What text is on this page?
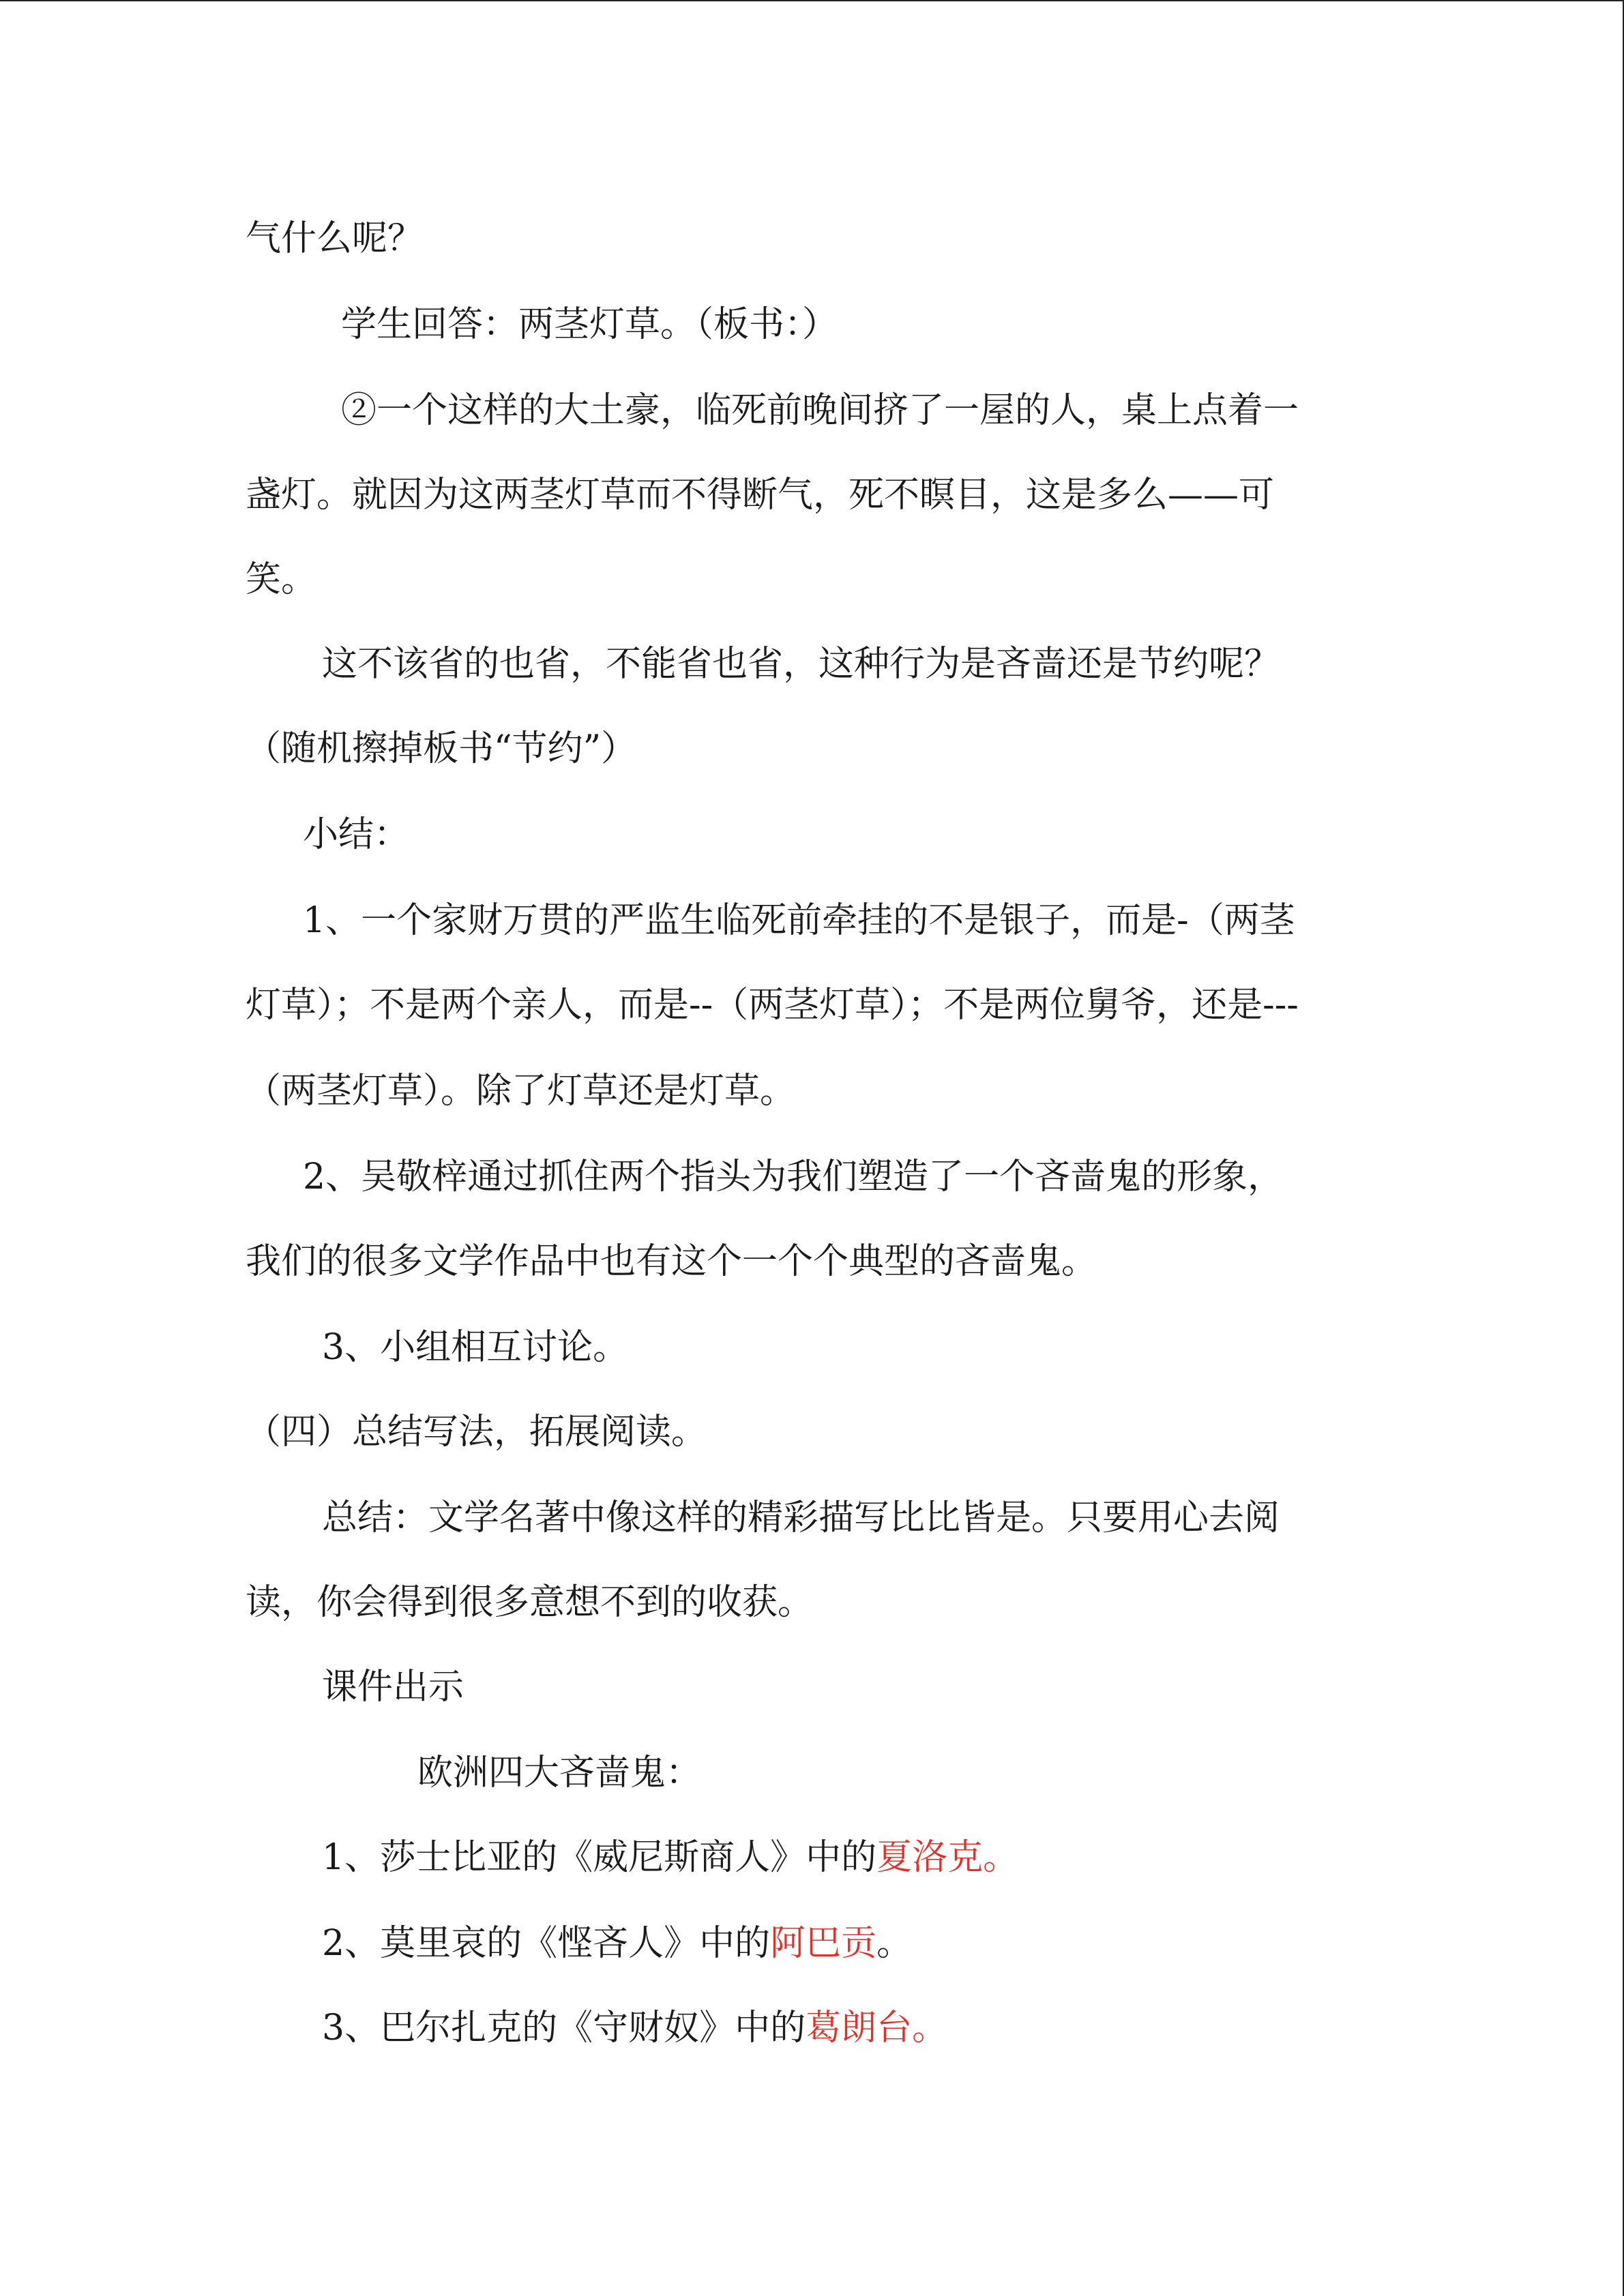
气什么呢？
学生回答：两茎灯草。（板书：）
②一个这样的大土豪，临死前晚间挤了一屋的人，桌上点着一
盏灯。就因为这两茎灯草而不得断气，死不瞑目，这是多么——可
笑。
这不该省的也省，不能省也省，这种行为是吝啬还是节约呢？
（随机擦掉板书“节约”）
小结：
1、一个家财万贯的严监生临死前牵挂的不是银子，而是-（两茎
灯草）；不是两个亲人，而是--（两茎灯草）；不是两位舅爷，还是---
（两茎灯草）。除了灯草还是灯草。
2、吴敬梓通过抓住两个指头为我们塑造了一个吝啬鬼的形象，
我们的很多文学作品中也有这个一个个典型的吝啬鬼。
3、小组相互讨论。
（四）总结写法，拓展阅读。
总结：文学名著中像这样的精彩描写比比皆是。只要用心去阅
读，你会得到很多意想不到的收获。
课件出示
欧洲四大吝啬鬼：
1、莎士比亚的《威尼斯商人》中的夏洛克。
2、莫里哀的《悭吝人》中的阿巴贡。
3、巴尔扎克的《守财奴》中的葛朗台。
